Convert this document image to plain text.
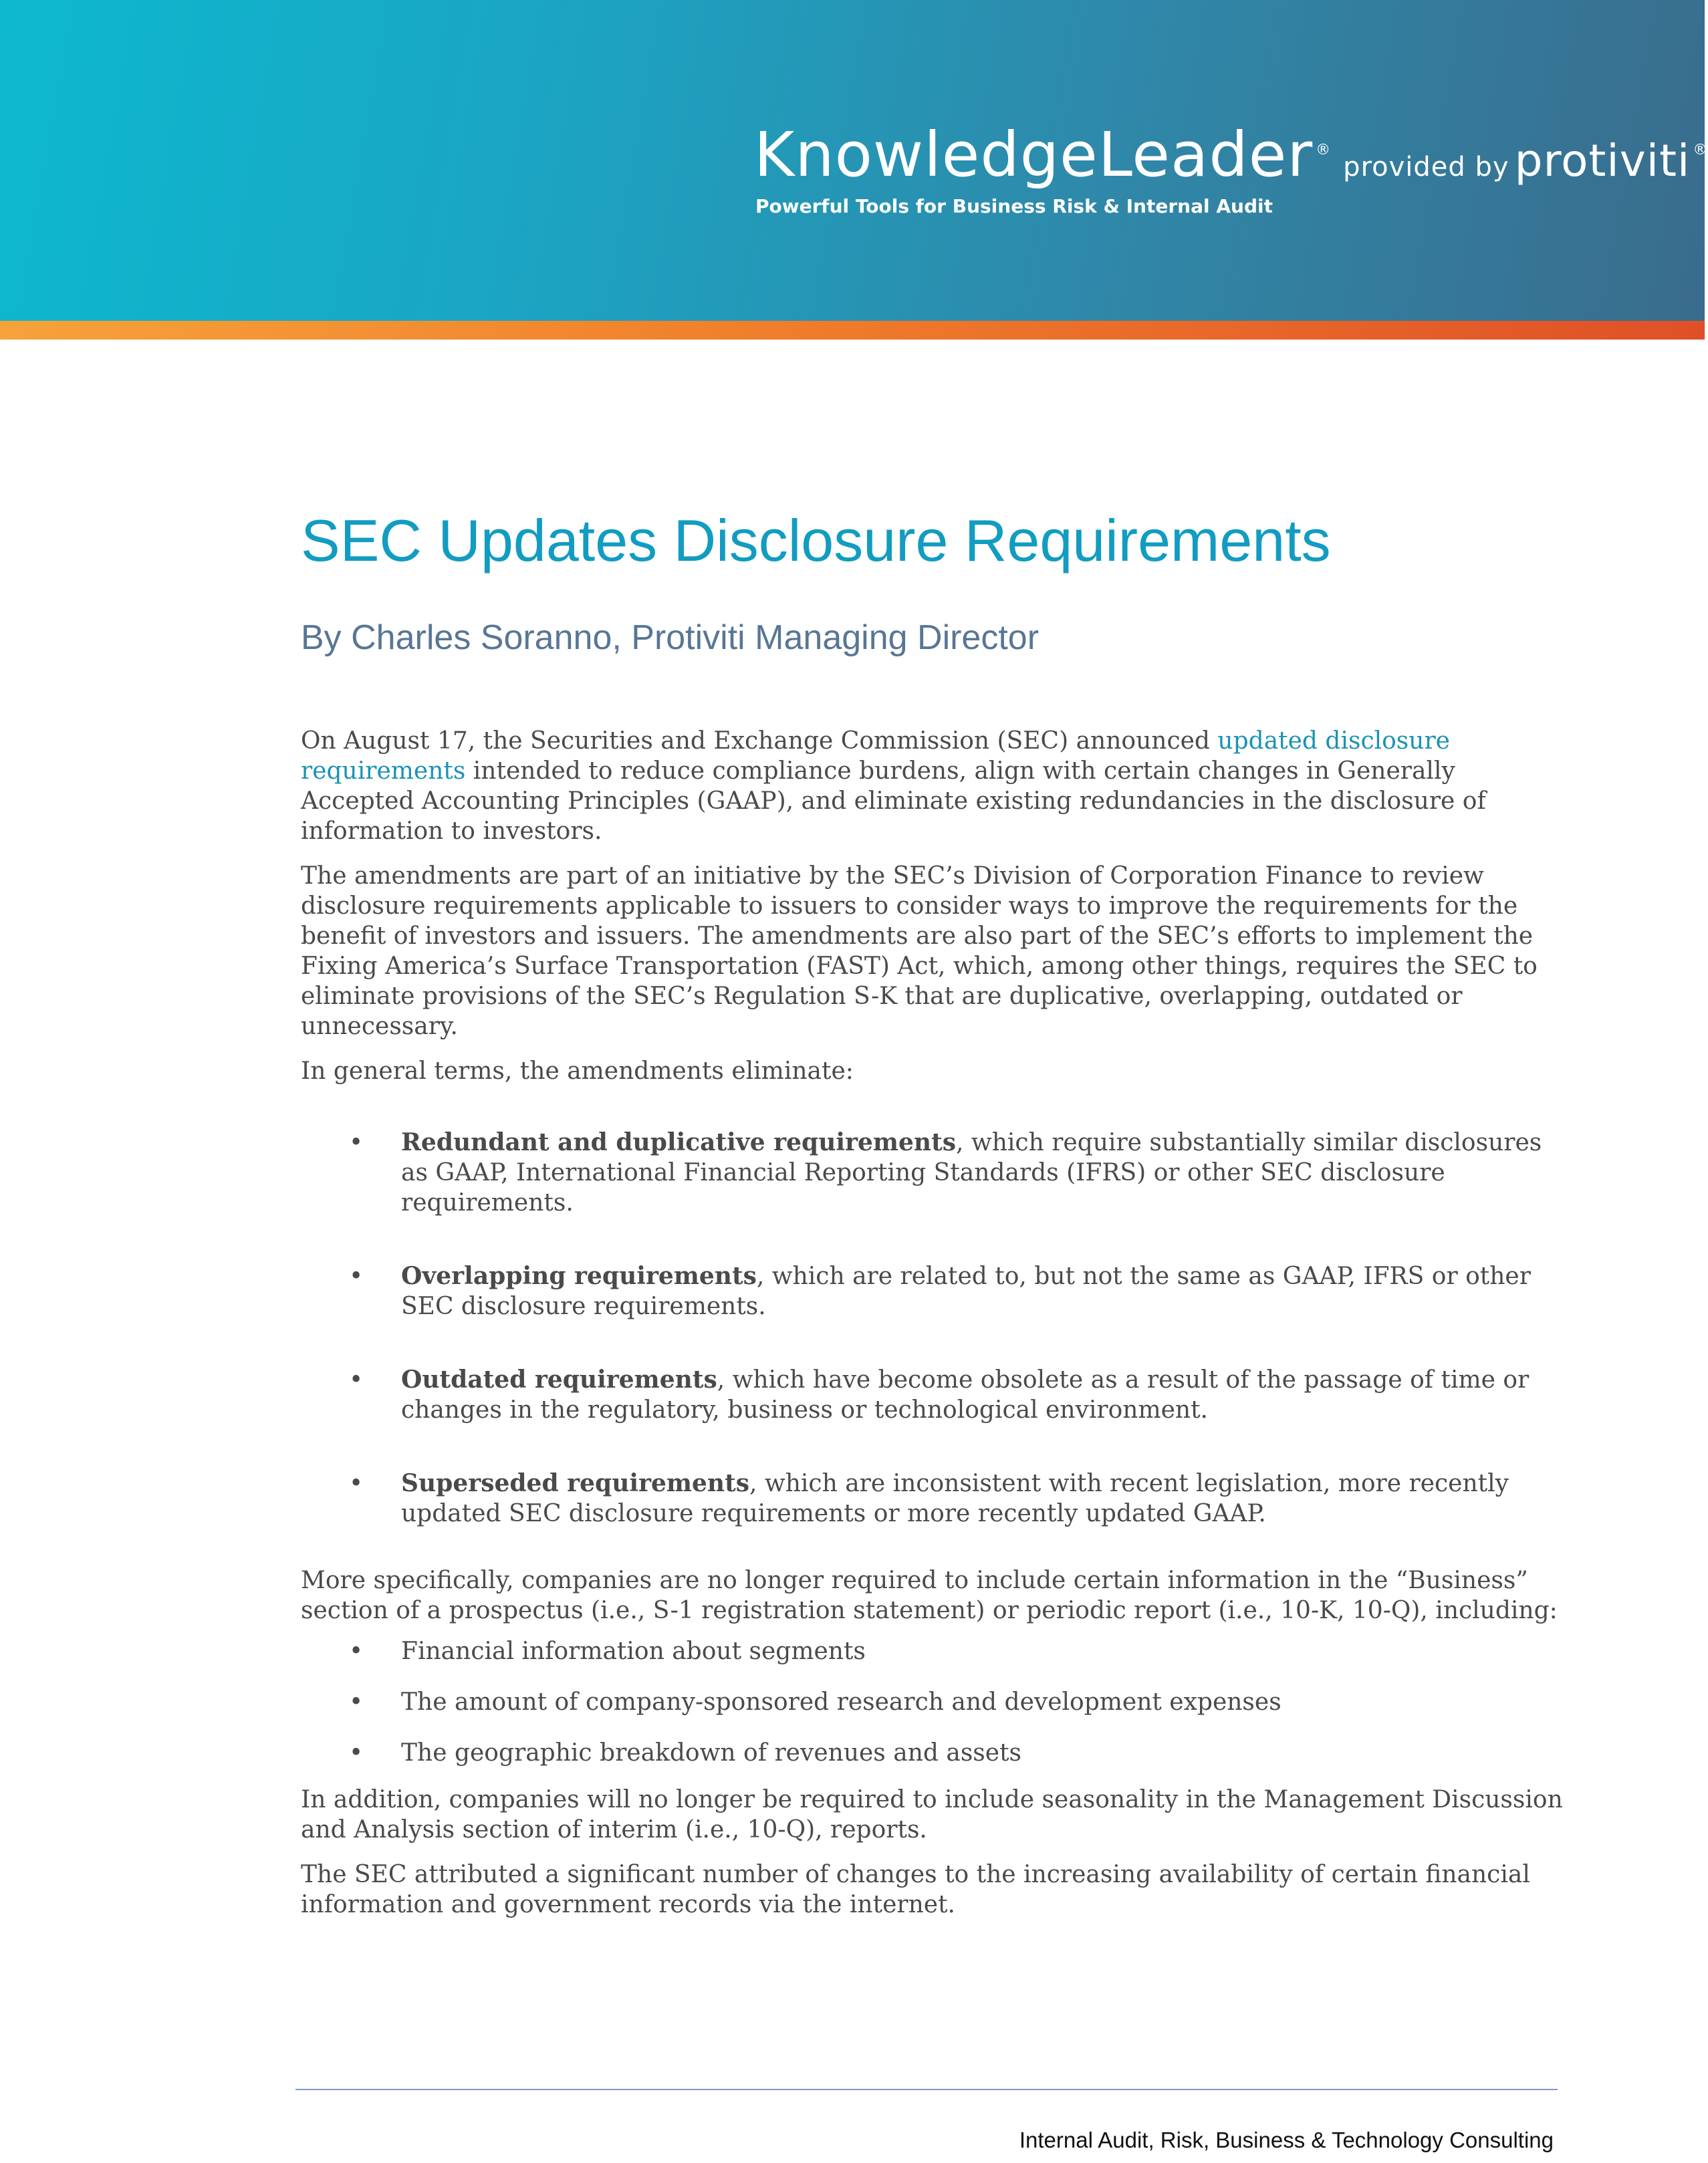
KnowledgeLeader ®provided by protiviti ®
Powerful Tools for Business Risk & Internal Audit
SEC Updates Disclosure Requirements
By Charles Soranno, Protiviti Managing Director

On August 17, the Securities and Exchange Commission (SEC) announced updated disclosure requirements intended to reduce compliance burdens, align with certain changes in Generally Accepted Accounting Principles (GAAP), and eliminate existing redundancies in the disclosure of information to investors.

The amendments are part of an initiative by the SEC’s Division of Corporation Finance to review disclosure requirements applicable to issuers to consider ways to improve the requirements for the benefit of investors and issuers. The amendments are also part of the SEC’s efforts to implement the Fixing America’s Surface Transportation (FAST) Act, which, among other things, requires the SEC to eliminate provisions of the SEC’s Regulation S-K that are duplicative, overlapping, outdated or unnecessary.

In general terms, the amendments eliminate:

• Redundant and duplicative requirements, which require substantially similar disclosures as GAAP, International Financial Reporting Standards (IFRS) or other SEC disclosure requirements.
• Overlapping requirements, which are related to, but not the same as GAAP, IFRS or other SEC disclosure requirements.
• Outdated requirements, which have become obsolete as a result of the passage of time or changes in the regulatory, business or technological environment.
• Superseded requirements, which are inconsistent with recent legislation, more recently updated SEC disclosure requirements or more recently updated GAAP.

More specifically, companies are no longer required to include certain information in the “Business” section of a prospectus (i.e., S-1 registration statement) or periodic report (i.e., 10-K, 10-Q), including:

• Financial information about segments
• The amount of company-sponsored research and development expenses
• The geographic breakdown of revenues and assets

In addition, companies will no longer be required to include seasonality in the Management Discussion and Analysis section of interim (i.e., 10-Q), reports.

The SEC attributed a significant number of changes to the increasing availability of certain financial information and government records via the internet.

Internal Audit, Risk, Business & Technology Consulting
